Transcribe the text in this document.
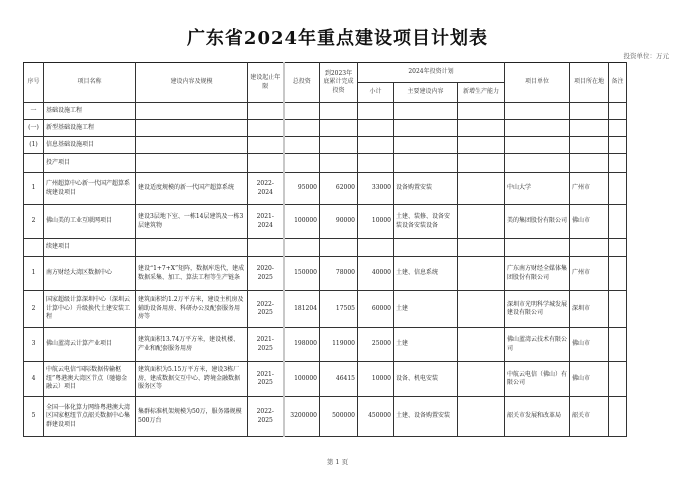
广东省2024年重点建设项目计划表
投资单位：万元
序号	项目名称	建设内容及规模	建设起止年限	总投资	到2023年底累计完成投资	2024年投资计划			项目单位	项目所在地	备注
						小计	主要建设内容	新增生产能力			
一	基础设施工程										
(一)	新型基础设施工程										
(1)	信息基础设施项目										
	投产项目										
1	广州超算中心新一代国产超算系统建设项目	建设适度规模的新一代国产超算系统	2022-2024	95000	62000	33000	设备购置安装		中山大学	广州市	
2	佛山美的工业互联网项目	建设3层地下室、一栋14层建筑及一栋3层建筑物	2021-2024	100000	90000	10000	土建、装修、设备安装设备安装设备		美的集团股份有限公司	佛山市	
	续建项目										
1	南方财经大湾区数据中心	建设“1+7+X”矩阵，数据库迭代，建成数据采集、加工、算法工程等生产链条	2020-2025	150000	78000	40000	土建、信息系统		广东南方财经全媒体集团股份有限公司	广州市	
2	国家超级计算深圳中心（深圳云计算中心）升级换代土建安装工程	建筑面积约1.2万平方米，建设主机房及辅助设备用房、科研办公及配套服务用房等	2022-2025	181204	17505	60000	土建		深圳市光明科学城发展建设有限公司	深圳市	
3	佛山蓝湾云计算产业项目	建筑面积13.74万平方米，建设机楼、产业和配套服务用房	2021-2025	198000	119000	25000	土建		佛山蓝湾云技术有限公司	佛山市	
4	中航云电信“国际数据传输枢纽”粤港澳大湾区节点（驰德金融云）项目	建筑面积为5.15万平方米，建设3栋厂房，建成数据交互中心、跨境金融数据服务区等	2021-2025	100000	46415	10000	设备、机电安装		中航云电信（佛山）有限公司	佛山市	
5	全国一体化算力网络粤港澳大湾区国家枢纽节点韶关数据中心集群建设项目	集群标准机架规模为50万，服务器规模500万台	2022-2025	3200000	500000	450000	土建、设备购置安装		韶关市发展和改革局	韶关市	
第 1 页
